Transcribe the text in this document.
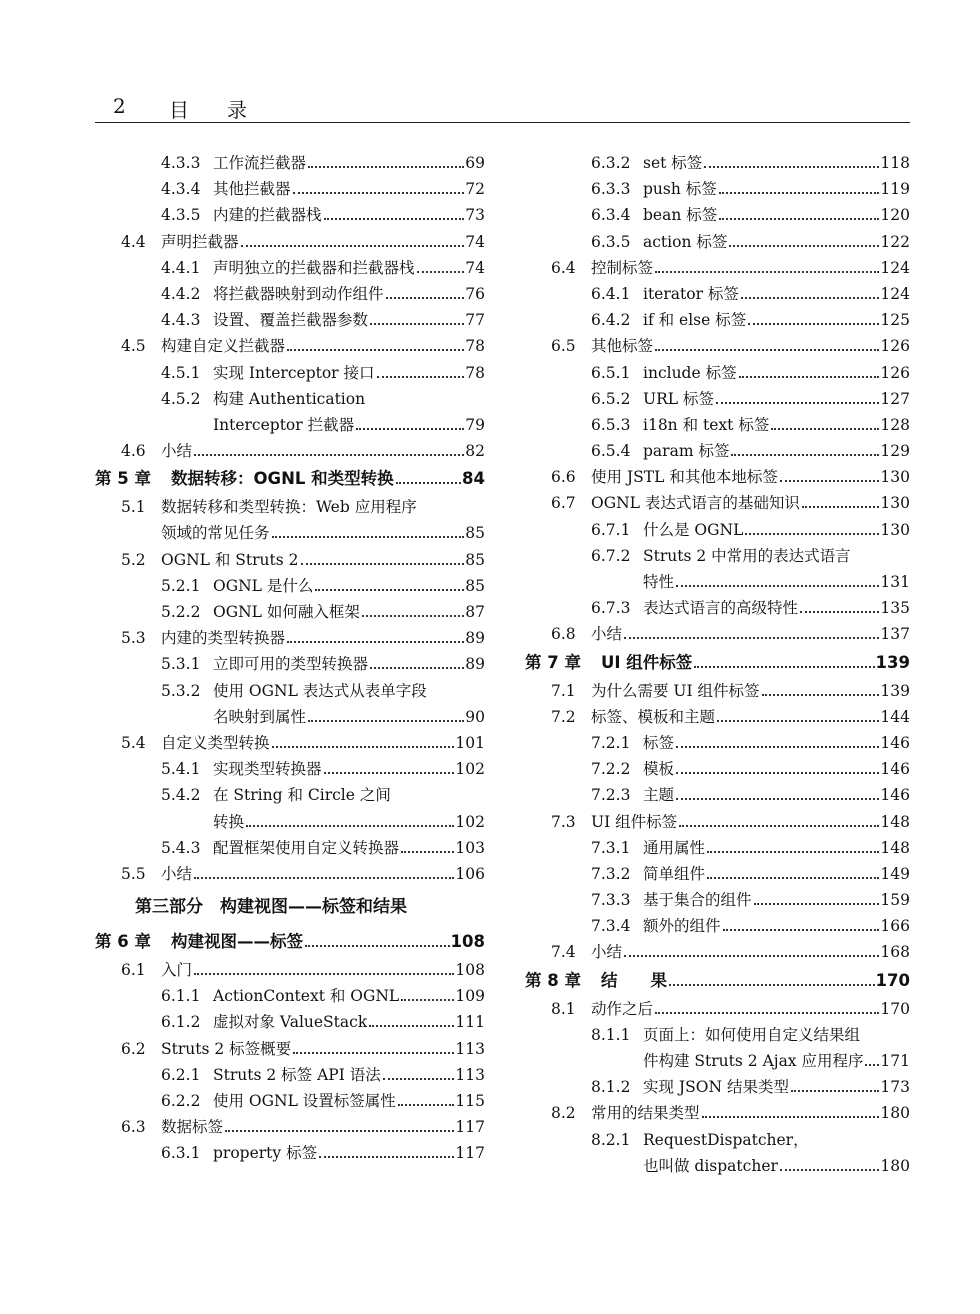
2 目录
4.3.3 工作流拦截器	69
4.3.4 其他拦截器	72
4.3.5 内建的拦截器栈	73
4.4 声明拦截器	74
4.4.1 声明独立的拦截器和拦截器栈	74
4.4.2 将拦截器映射到动作组件	76
4.4.3 设置、覆盖拦截器参数	77
4.5 构建自定义拦截器	78
4.5.1 实现 Interceptor 接口	78
4.5.2 构建 Authentication
Interceptor 拦截器	79
4.6 小结	82
第 5 章	数据转移：OGNL 和类型转换	84
5.1 数据转移和类型转换：Web 应用程序
领域的常见任务	85
5.2 OGNL 和 Struts 2	85
5.2.1 OGNL 是什么	85
5.2.2 OGNL 如何融入框架	87
5.3 内建的类型转换器	89
5.3.1 立即可用的类型转换器	89
5.3.2 使用 OGNL 表达式从表单字段
名映射到属性	90
5.4 自定义类型转换	101
5.4.1 实现类型转换器	102
5.4.2 在 String 和 Circle 之间
转换	102
5.4.3 配置框架使用自定义转换器	103
5.5 小结	106
第三部分　构建视图——标签和结果
第 6 章	构建视图——标签	108
6.1 入门	108
6.1.1 ActionContext 和 OGNL	109
6.1.2 虚拟对象 ValueStack	111
6.2 Struts 2 标签概要	113
6.2.1 Struts 2 标签 API 语法	113
6.2.2 使用 OGNL 设置标签属性	115
6.3 数据标签	117
6.3.1 property 标签	117
6.3.2 set 标签	118
6.3.3 push 标签	119
6.3.4 bean 标签	120
6.3.5 action 标签	122
6.4 控制标签	124
6.4.1 iterator 标签	124
6.4.2 if 和 else 标签	125
6.5 其他标签	126
6.5.1 include 标签	126
6.5.2 URL 标签	127
6.5.3 i18n 和 text 标签	128
6.5.4 param 标签	129
6.6 使用 JSTL 和其他本地标签	130
6.7 OGNL 表达式语言的基础知识	130
6.7.1 什么是 OGNL	130
6.7.2 Struts 2 中常用的表达式语言
特性	131
6.7.3 表达式语言的高级特性	135
6.8 小结	137
第 7 章	UI 组件标签	139
7.1 为什么需要 UI 组件标签	139
7.2 标签、模板和主题	144
7.2.1 标签	146
7.2.2 模板	146
7.2.3 主题	146
7.3 UI 组件标签	148
7.3.1 通用属性	148
7.3.2 简单组件	149
7.3.3 基于集合的组件	159
7.3.4 额外的组件	166
7.4 小结	168
第 8 章	结　　果	170
8.1 动作之后	170
8.1.1 页面上：如何使用自定义结果组
件构建 Struts 2 Ajax 应用程序 171
8.1.2 实现 JSON 结果类型	173
8.2 常用的结果类型	180
8.2.1 RequestDispatcher，
也叫做 dispatcher	180
